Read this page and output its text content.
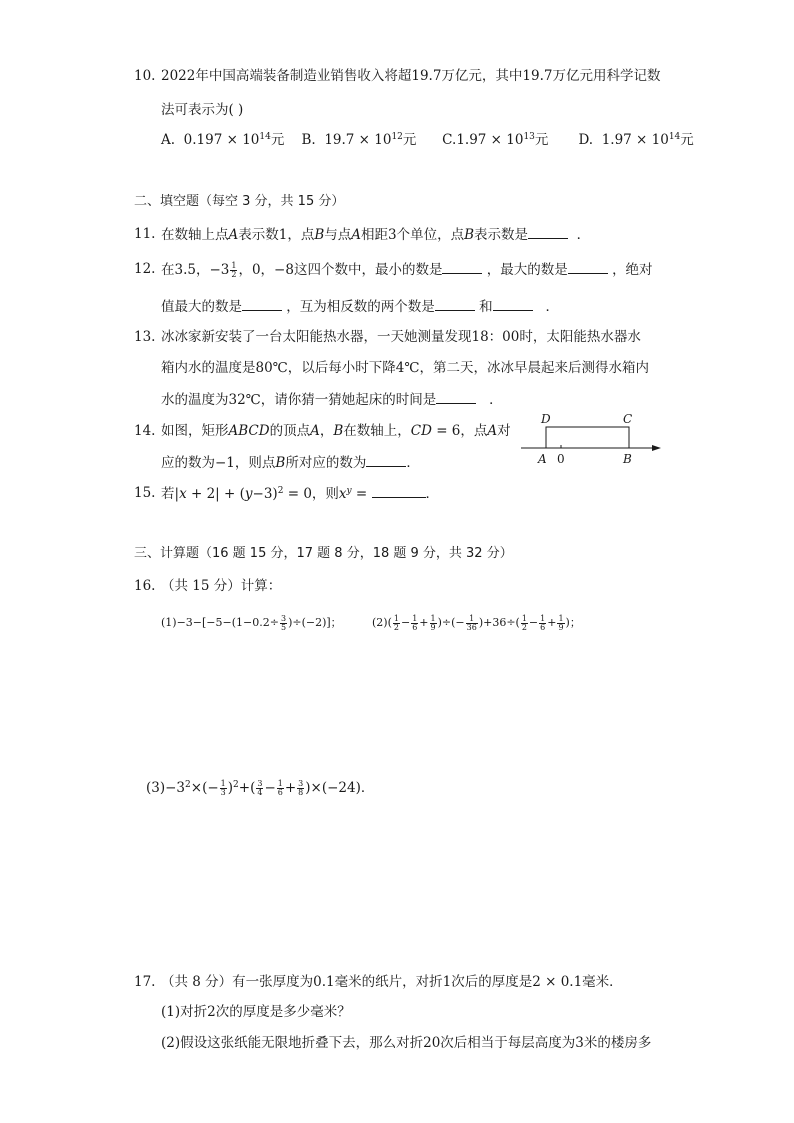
10. 2022年中国高端装备制造业销售收入将超19.7万亿元，其中19.7万亿元用科学记数
法可表示为( )
A. $0.197 \times 10^{14}$元 B. $19.7 \times 10^{12}$元 $C.1.97 \times 10^{13}$元 D. $1.97 \times 10^{14}$元
二、填空题（每空 3 分，共 15 分）
11. 在数轴上点A表示数1，点B与点A相距3个单位，点B表示数是	．
12. 在3.5，$-3 \frac{1}{2}$ ，0，−8这四个数中，最小的数是	，最大的数是	，绝对
值最大的数是	，互为相反数的两个数是	和	．
13. 冰冰家新安装了一台太阳能热水器，一天她测量发现18：00时，太阳能热水器水
箱内水的温度是80℃，以后每小时下降4℃，第二天，冰冰早晨起来后测得水箱内
水的温度为32℃，请你猜一猜她起床的时间是	．
14. 如图，矩形ABCD的顶点A，B在数轴上，CD = 6，点A对
应的数为−1，则点B所对应的数为	．
D	C
A 0	B
15. 若$|x + 2| + (y-3)^2 = 0$，则$x^y$ =	．
三、计算题（16 题 15 分，17 题 8 分，18 题 9 分，共 32 分）
16. （共 15 分）计算：
$(1)-3-[-5-(1-0.2\div \frac{3}{5} )\div(-2)]$；	$(2)( \frac{1}{2} - \frac{1}{6} + \frac{1}{9}$ )÷(− $\frac{1}{36} )+36\div( \frac{1}{2} - \frac{1}{6} + \frac{1}{9}$ )；
$(3)-3^2\times(- \frac{1}{3} )^2+( \frac{3}{4} - \frac{1}{6} + \frac{3}{8} )\times(-24)$．
17. （共 8 分）有一张厚度为0.1毫米的纸片，对折1次后的厚度是2 × 0.1毫米．
(1)对折2次的厚度是多少毫米？
(2)假设这张纸能无限地折叠下去，那么对折20次后相当于每层高度为3米的楼房多
